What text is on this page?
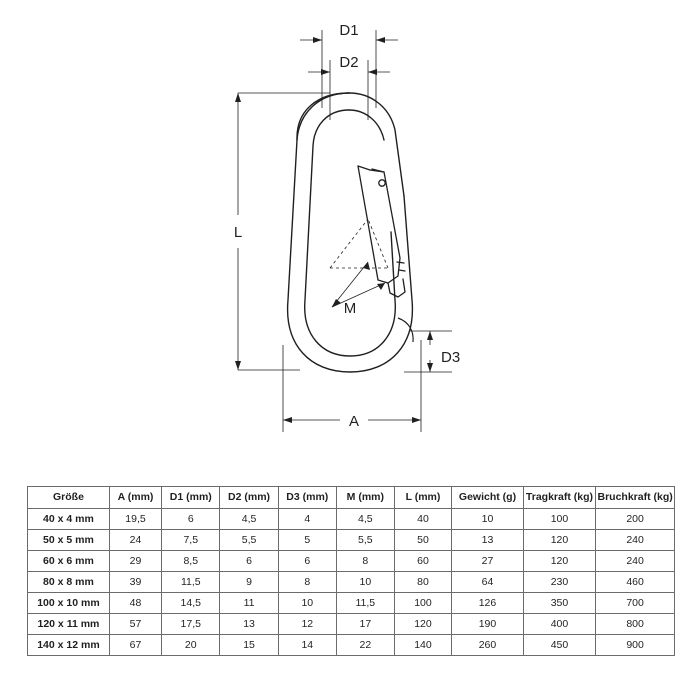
D1
D2
L
A
D3
M
Größe	A (mm)	D1 (mm)	D2 (mm)	D3 (mm)	M (mm)	L (mm)	Gewicht (g)	Tragkraft (kg)	Bruchkraft (kg)
40 x 4 mm	19,5	6	4,5	4	4,5	40	10	100	200
50 x 5 mm	24	7,5	5,5	5	5,5	50	13	120	240
60 x 6 mm	29	8,5	6	6	8	60	27	120	240
80 x 8 mm	39	11,5	9	8	10	80	64	230	460
100 x 10 mm	48	14,5	11	10	11,5	100	126	350	700
120 x 11 mm	57	17,5	13	12	17	120	190	400	800
140 x 12 mm	67	20	15	14	22	140	260	450	900
